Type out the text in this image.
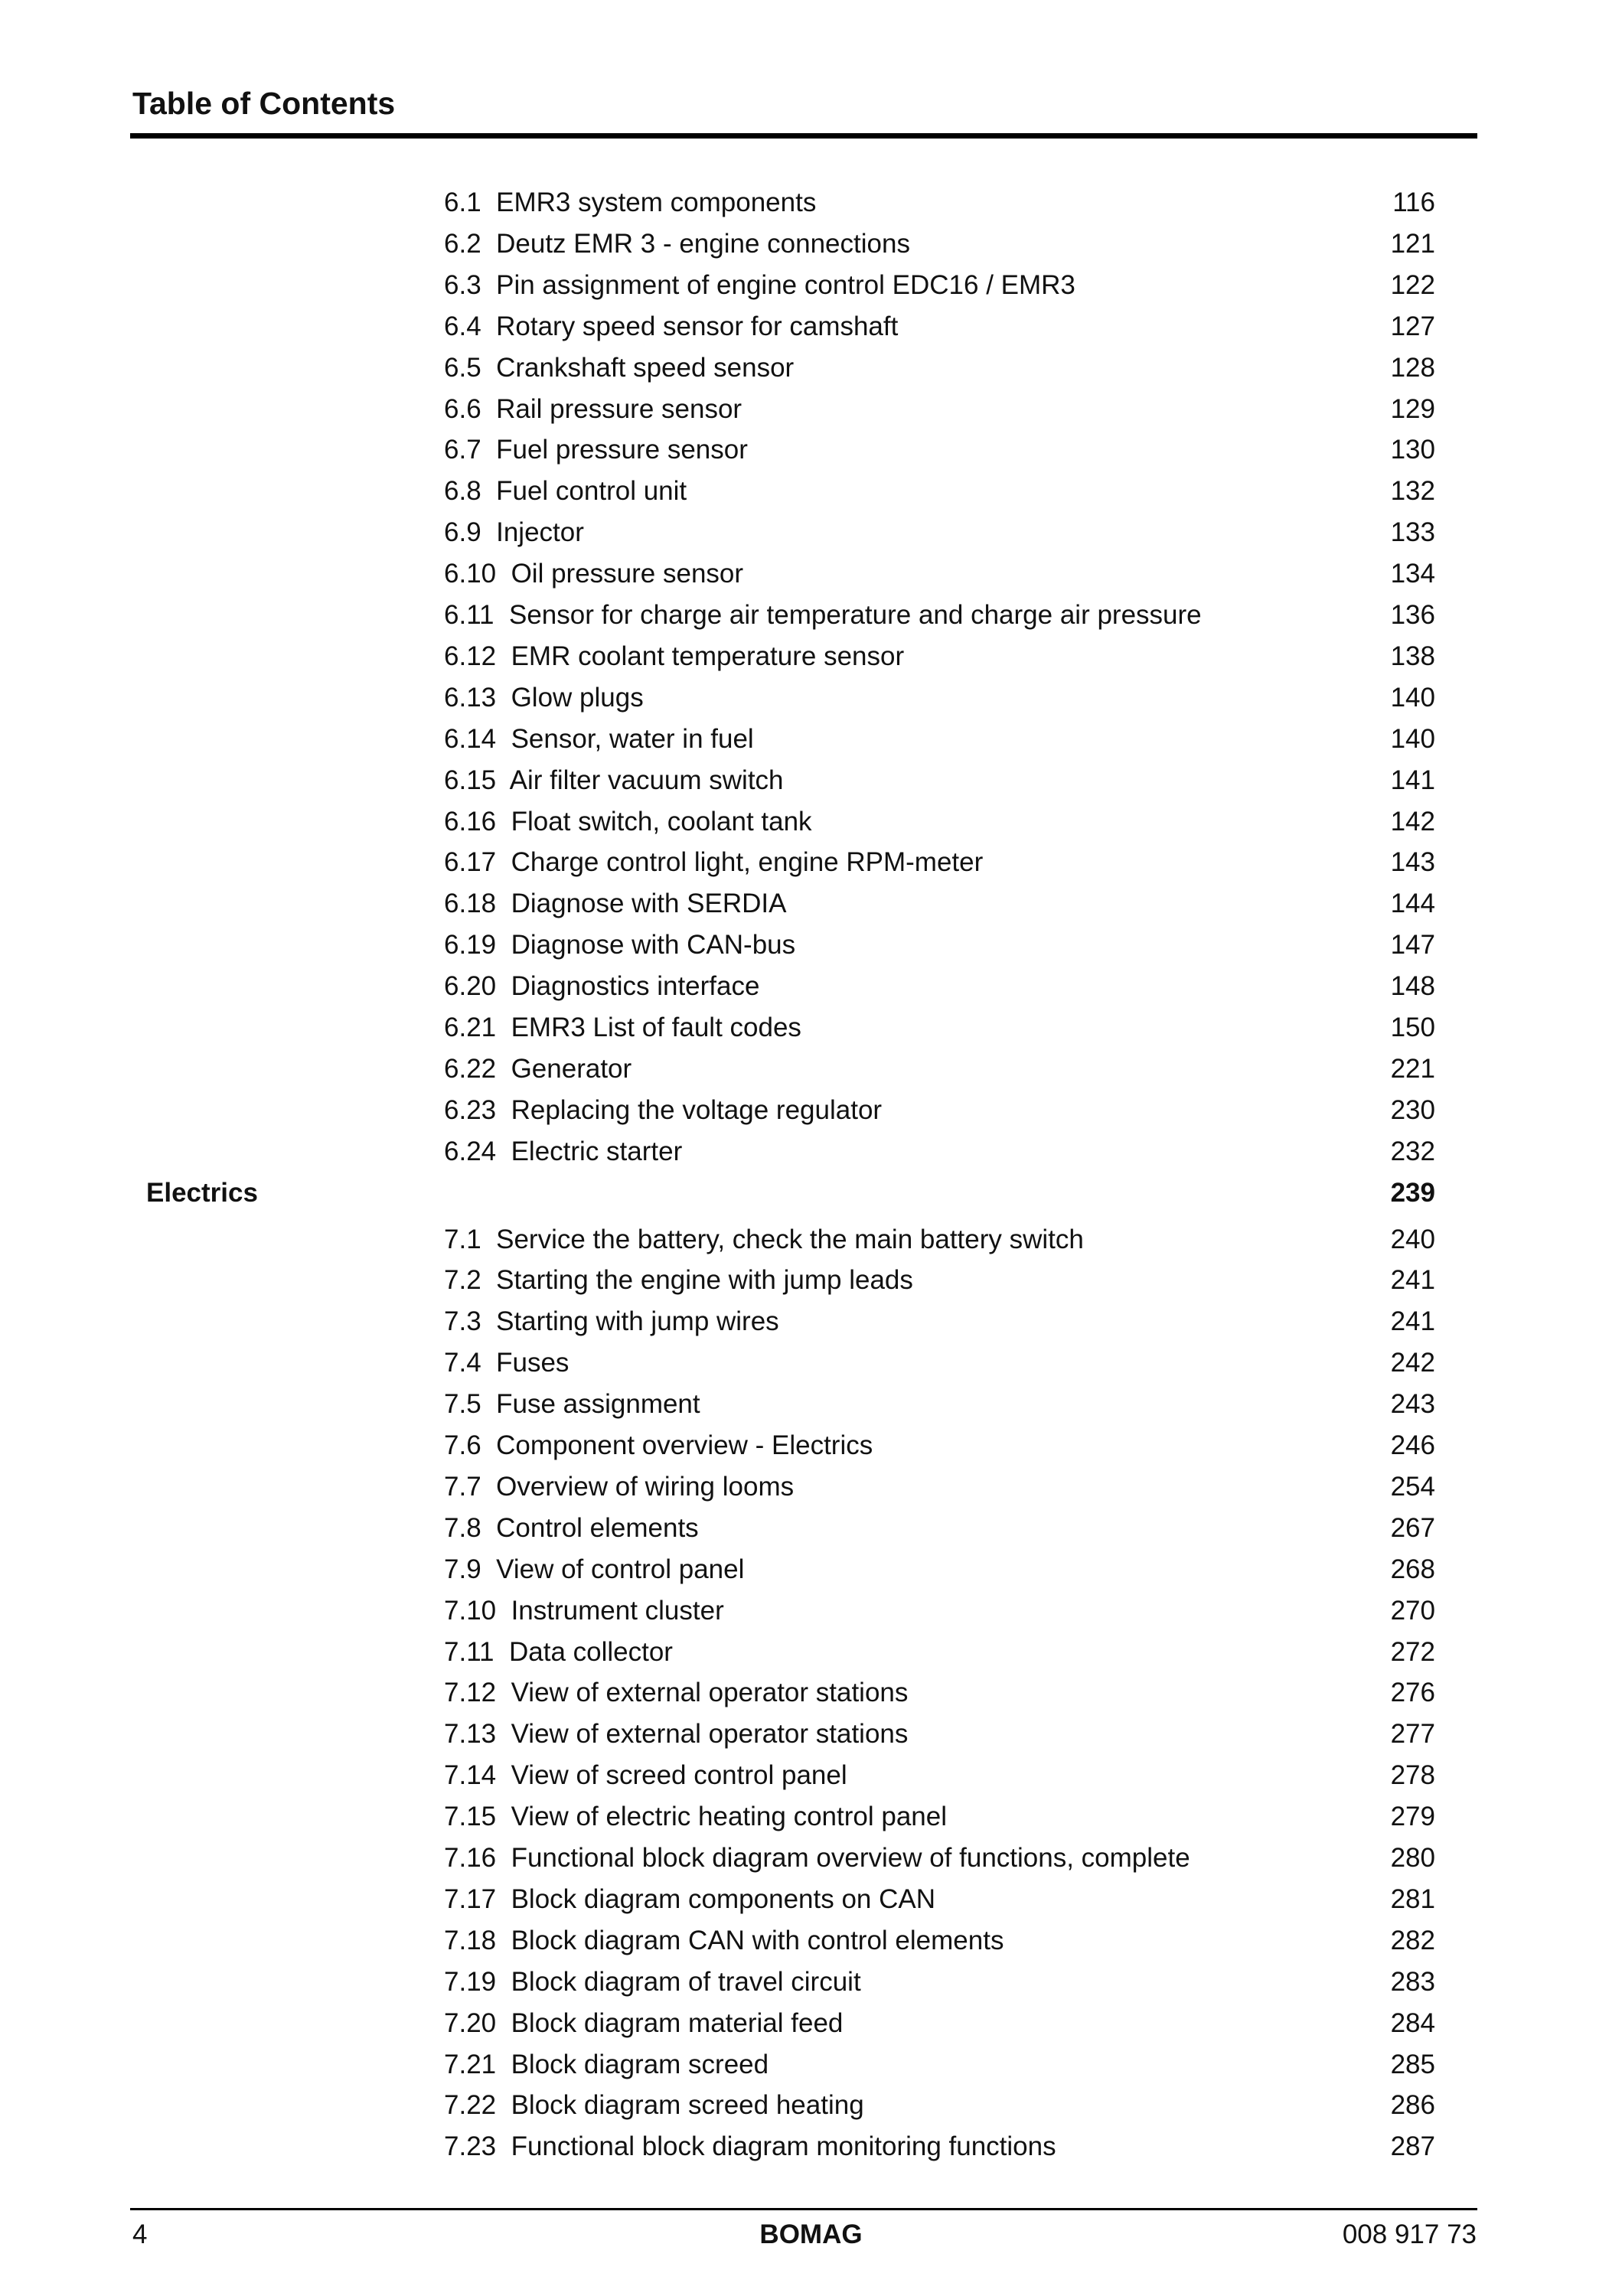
Table of Contents
6.1 EMR3 system components	116
6.2 Deutz EMR 3 - engine connections	121
6.3 Pin assignment of engine control EDC16 / EMR3	122
6.4 Rotary speed sensor for camshaft	127
6.5 Crankshaft speed sensor	128
6.6 Rail pressure sensor	129
6.7 Fuel pressure sensor	130
6.8 Fuel control unit	132
6.9 Injector	133
6.10 Oil pressure sensor	134
6.11 Sensor for charge air temperature and charge air pressure	136
6.12 EMR coolant temperature sensor	138
6.13 Glow plugs	140
6.14 Sensor, water in fuel	140
6.15 Air filter vacuum switch	141
6.16 Float switch, coolant tank	142
6.17 Charge control light, engine RPM-meter	143
6.18 Diagnose with SERDIA	144
6.19 Diagnose with CAN-bus	147
6.20 Diagnostics interface	148
6.21 EMR3 List of fault codes	150
6.22 Generator	221
6.23 Replacing the voltage regulator	230
6.24 Electric starter	232
Electrics	239
7.1 Service the battery, check the main battery switch	240
7.2 Starting the engine with jump leads	241
7.3 Starting with jump wires	241
7.4 Fuses	242
7.5 Fuse assignment	243
7.6 Component overview - Electrics	246
7.7 Overview of wiring looms	254
7.8 Control elements	267
7.9 View of control panel	268
7.10 Instrument cluster	270
7.11 Data collector	272
7.12 View of external operator stations	276
7.13 View of external operator stations	277
7.14 View of screed control panel	278
7.15 View of electric heating control panel	279
7.16 Functional block diagram overview of functions, complete	280
7.17 Block diagram components on CAN	281
7.18 Block diagram CAN with control elements	282
7.19 Block diagram of travel circuit	283
7.20 Block diagram material feed	284
7.21 Block diagram screed	285
7.22 Block diagram screed heating	286
7.23 Functional block diagram monitoring functions	287
4	BOMAG	008 917 73
